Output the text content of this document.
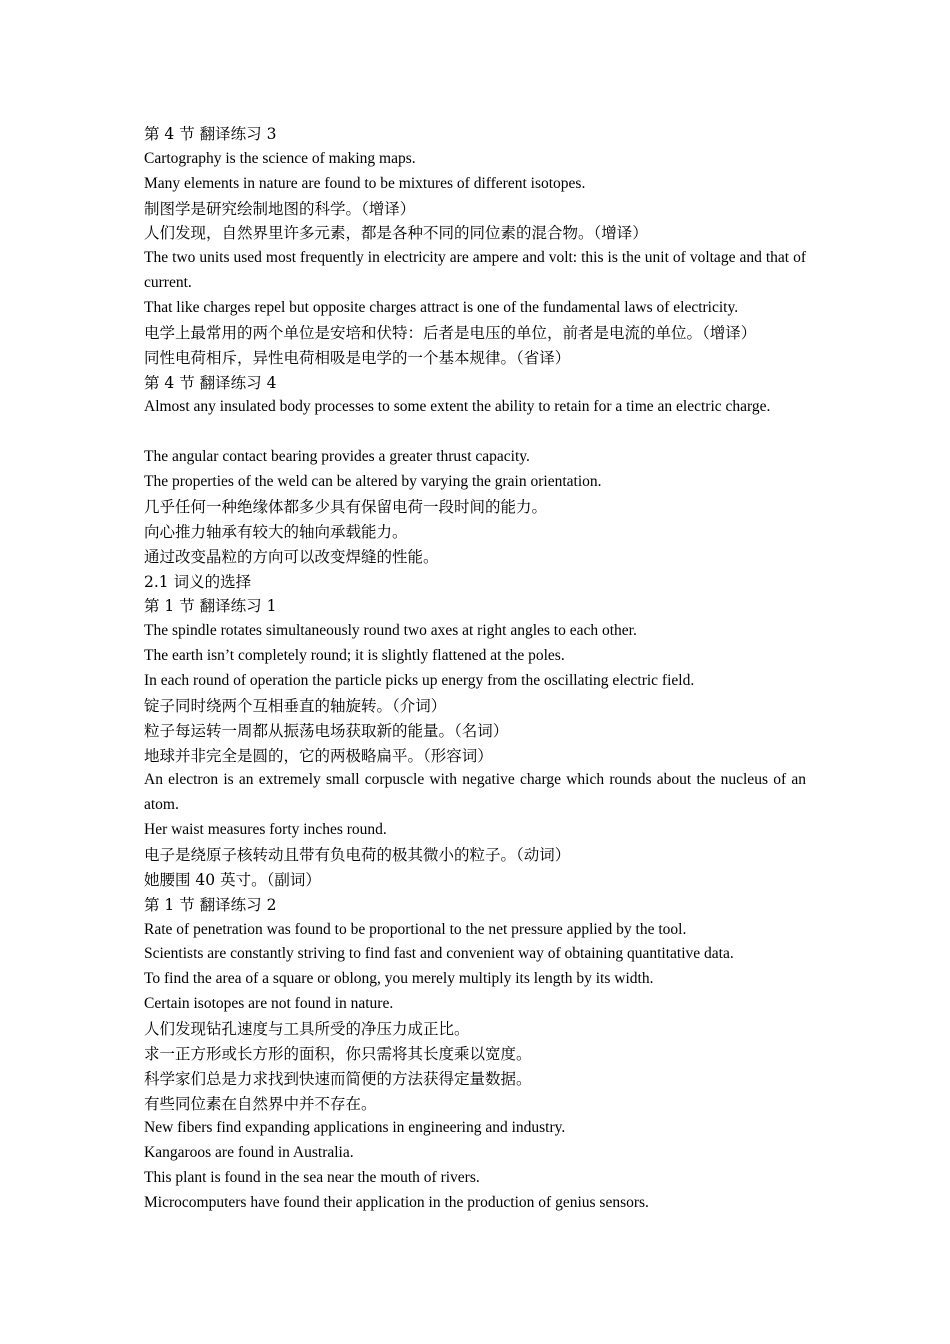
第 4 节 翻译练习 3
Cartography is the science of making maps.
Many elements in nature are found to be mixtures of different isotopes.
制图学是研究绘制地图的科学。（增译）
人们发现，自然界里许多元素，都是各种不同的同位素的混合物。（增译）
The two units used most frequently in electricity are ampere and volt: this is the unit of voltage and that of current.
That like charges repel but opposite charges attract is one of the fundamental laws of electricity.
电学上最常用的两个单位是安培和伏特：后者是电压的单位，前者是电流的单位。（增译）
同性电荷相斥，异性电荷相吸是电学的一个基本规律。（省译）
第 4 节 翻译练习 4
Almost any insulated body processes to some extent the ability to retain for a time an electric charge.
The angular contact bearing provides a greater thrust capacity.
The properties of the weld can be altered by varying the grain orientation.
几乎任何一种绝缘体都多少具有保留电荷一段时间的能力。
向心推力轴承有较大的轴向承载能力。
通过改变晶粒的方向可以改变焊缝的性能。
2.1 词义的选择
第 1 节 翻译练习 1
The spindle rotates simultaneously round two axes at right angles to each other.
The earth isn’t completely round; it is slightly flattened at the poles.
In each round of operation the particle picks up energy from the oscillating electric field.
锭子同时绕两个互相垂直的轴旋转。（介词）
粒子每运转一周都从振荡电场获取新的能量。（名词）
地球并非完全是圆的，它的两极略扁平。（形容词）
An electron is an extremely small corpuscle with negative charge which rounds about the nucleus of an atom.
Her waist measures forty inches round.
电子是绕原子核转动且带有负电荷的极其微小的粒子。（动词）
她腰围 40 英寸。（副词）
第 1 节 翻译练习 2
Rate of penetration was found to be proportional to the net pressure applied by the tool.
Scientists are constantly striving to find fast and convenient way of obtaining quantitative data.
To find the area of a square or oblong, you merely multiply its length by its width.
Certain isotopes are not found in nature.
人们发现钻孔速度与工具所受的净压力成正比。
求一正方形或长方形的面积，你只需将其长度乘以宽度。
科学家们总是力求找到快速而简便的方法获得定量数据。
有些同位素在自然界中并不存在。
New fibers find expanding applications in engineering and industry.
Kangaroos are found in Australia.
This plant is found in the sea near the mouth of rivers.
Microcomputers have found their application in the production of genius sensors.
